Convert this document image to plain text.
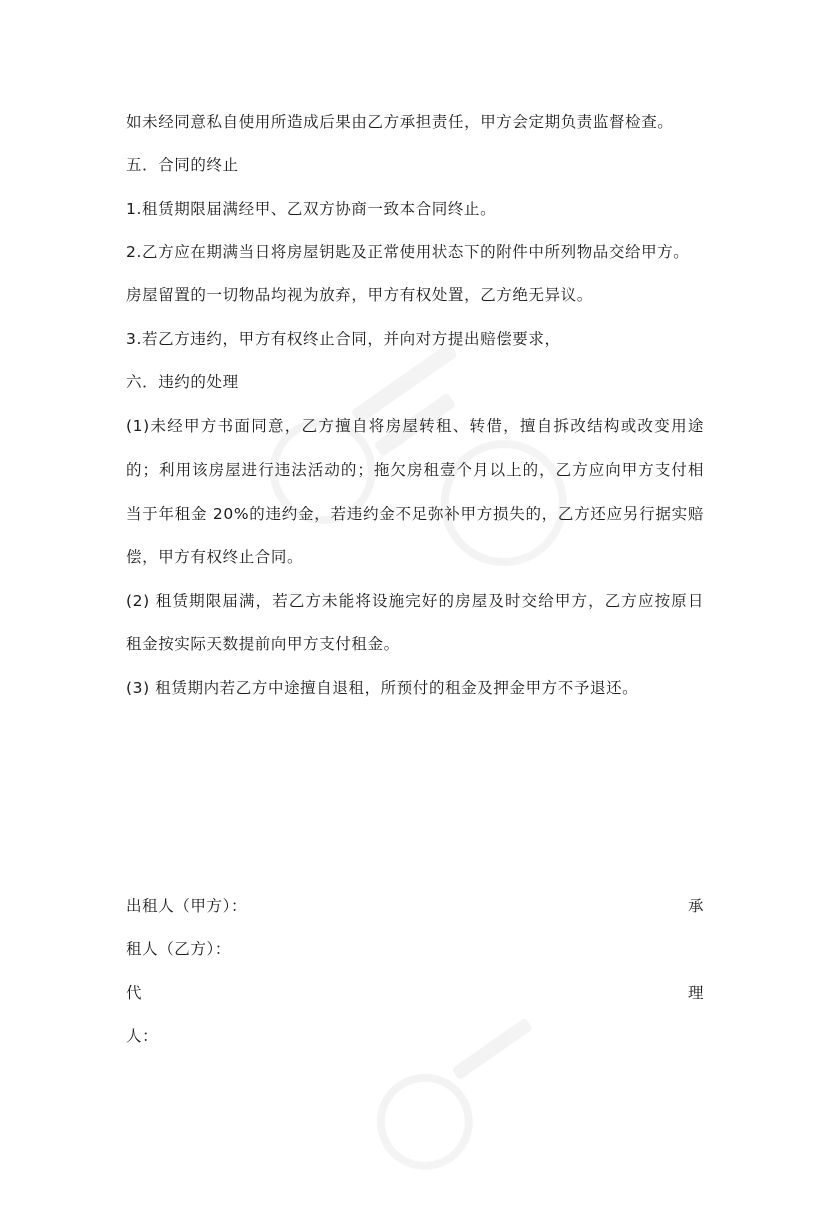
如未经同意私自使用所造成后果由乙方承担责任，甲方会定期负责监督检查。
五．合同的终止
1.租赁期限届满经甲、乙双方协商一致本合同终止。
2.乙方应在期满当日将房屋钥匙及正常使用状态下的附件中所列物品交给甲方。
房屋留置的一切物品均视为放弃，甲方有权处置，乙方绝无异议。
3.若乙方违约，甲方有权终止合同，并向对方提出赔偿要求，
六．违约的处理
(1)未经甲方书面同意，乙方擅自将房屋转租、转借，擅自拆改结构或改变用途
的；利用该房屋进行违法活动的；拖欠房租壹个月以上的，乙方应向甲方支付相
当于年租金 20%的违约金，若违约金不足弥补甲方损失的，乙方还应另行据实赔
偿，甲方有权终止合同。
(2) 租赁期限届满，若乙方未能将设施完好的房屋及时交给甲方，乙方应按原日
租金按实际天数提前向甲方支付租金。
(3) 租赁期内若乙方中途擅自退租，所预付的租金及押金甲方不予退还。
出租人（甲方）：	承
租人（乙方）：
代	理
人：
